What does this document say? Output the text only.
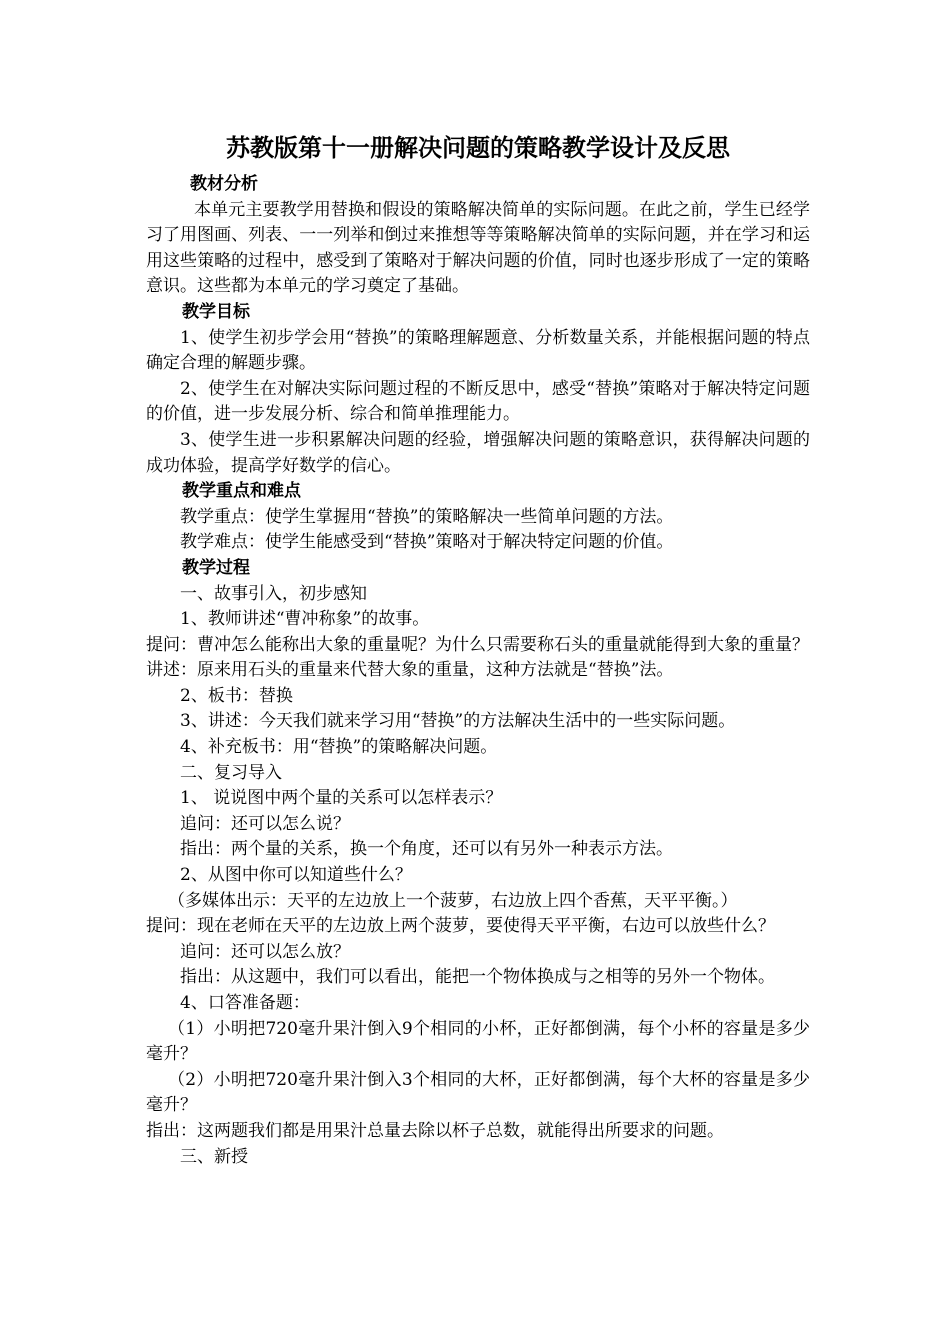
苏教版第十一册解决问题的策略教学设计及反思

教材分析

本单元主要教学用替换和假设的策略解决简单的实际问题。在此之前，学生已经学习了用图画、列表、一一列举和倒过来推想等等策略解决简单的实际问题，并在学习和运用这些策略的过程中，感受到了策略对于解决问题的价值，同时也逐步形成了一定的策略意识。这些都为本单元的学习奠定了基础。

教学目标

1、使学生初步学会用“替换”的策略理解题意、分析数量关系，并能根据问题的特点确定合理的解题步骤。

2、使学生在对解决实际问题过程的不断反思中，感受“替换”策略对于解决特定问题的价值，进一步发展分析、综合和简单推理能力。

3、使学生进一步积累解决问题的经验，增强解决问题的策略意识，获得解决问题的成功体验，提高学好数学的信心。

教学重点和难点

教学重点：使学生掌握用“替换”的策略解决一些简单问题的方法。

教学难点：使学生能感受到“替换”策略对于解决特定问题的价值。

教学过程

一、故事引入，初步感知

1、教师讲述“曹冲称象”的故事。

提问：曹冲怎么能称出大象的重量呢？为什么只需要称石头的重量就能得到大象的重量？

讲述：原来用石头的重量来代替大象的重量，这种方法就是“替换”法。

2、板书：替换

3、讲述：今天我们就来学习用“替换”的方法解决生活中的一些实际问题。

4、补充板书：用“替换”的策略解决问题。

二、复习导入

1、 说说图中两个量的关系可以怎样表示？

追问：还可以怎么说？

指出：两个量的关系，换一个角度，还可以有另外一种表示方法。

2、从图中你可以知道些什么？

（多媒体出示：天平的左边放上一个菠萝，右边放上四个香蕉，天平平衡。）

提问：现在老师在天平的左边放上两个菠萝，要使得天平平衡，右边可以放些什么？

追问：还可以怎么放？

指出：从这题中，我们可以看出，能把一个物体换成与之相等的另外一个物体。

4、口答准备题：

（1）小明把720毫升果汁倒入9个相同的小杯，正好都倒满，每个小杯的容量是多少毫升？

（2）小明把720毫升果汁倒入3个相同的大杯，正好都倒满，每个大杯的容量是多少毫升？

指出：这两题我们都是用果汁总量去除以杯子总数，就能得出所要求的问题。

三、新授
